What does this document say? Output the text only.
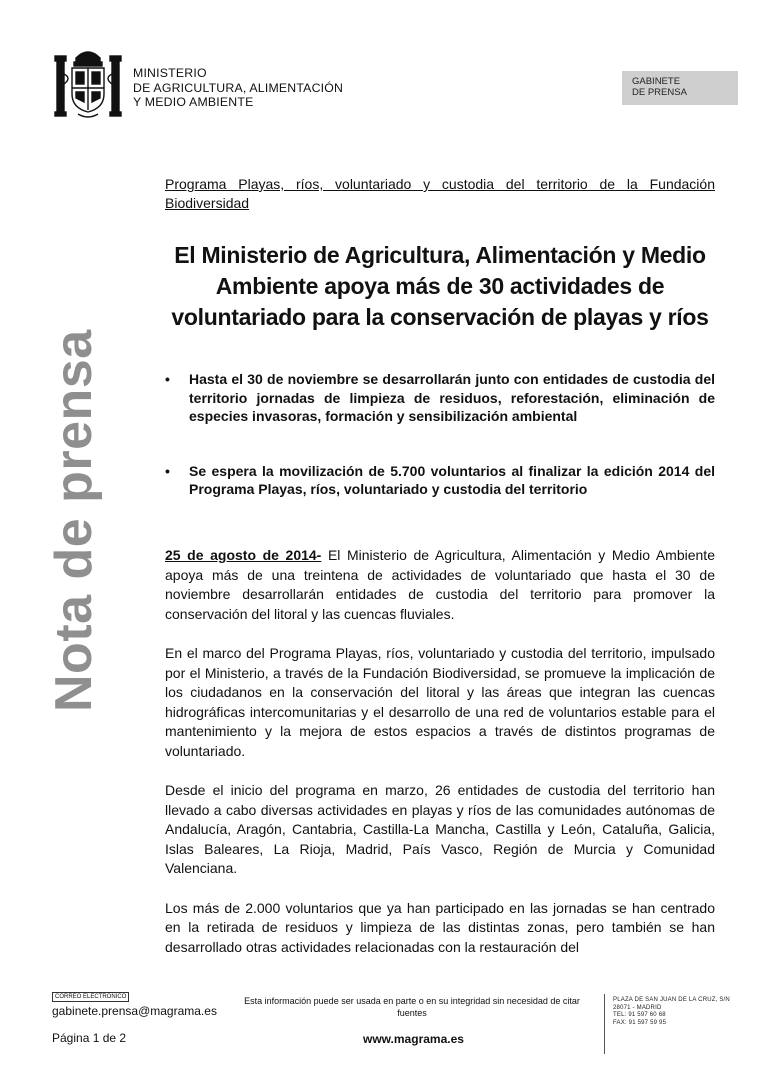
MINISTERIO
DE AGRICULTURA, ALIMENTACIÓN
Y MEDIO AMBIENTE
GABINETE
DE PRENSA
Nota de prensa
Programa Playas, ríos, voluntariado y custodia del territorio de la Fundación Biodiversidad
El Ministerio de Agricultura, Alimentación y Medio Ambiente apoya más de 30 actividades de voluntariado para la conservación de playas y ríos
• Hasta el 30 de noviembre se desarrollarán junto con entidades de custodia del territorio jornadas de limpieza de residuos, reforestación, eliminación de especies invasoras, formación y sensibilización ambiental
• Se espera la movilización de 5.700 voluntarios al finalizar la edición 2014 del Programa Playas, ríos, voluntariado y custodia del territorio

25 de agosto de 2014- El Ministerio de Agricultura, Alimentación y Medio Ambiente apoya más de una treintena de actividades de voluntariado que hasta el 30 de noviembre desarrollarán entidades de custodia del territorio para promover la conservación del litoral y las cuencas fluviales.

En el marco del Programa Playas, ríos, voluntariado y custodia del territorio, impulsado por el Ministerio, a través de la Fundación Biodiversidad, se promueve la implicación de los ciudadanos en la conservación del litoral y las áreas que integran las cuencas hidrográficas intercomunitarias y el desarrollo de una red de voluntarios estable para el mantenimiento y la mejora de estos espacios a través de distintos programas de voluntariado.

Desde el inicio del programa en marzo, 26 entidades de custodia del territorio han llevado a cabo diversas actividades en playas y ríos de las comunidades autónomas de Andalucía, Aragón, Cantabria, Castilla-La Mancha, Castilla y León, Cataluña, Galicia, Islas Baleares, La Rioja, Madrid, País Vasco, Región de Murcia y Comunidad Valenciana.

Los más de 2.000 voluntarios que ya han participado en las jornadas se han centrado en la retirada de residuos y limpieza de las distintas zonas, pero también se han desarrollado otras actividades relacionadas con la restauración del

CORREO ELECTRÓNICO
gabinete.prensa@magrama.es
Esta información puede ser usada en parte o en su integridad sin necesidad de citar fuentes
PLAZA DE SAN JUAN DE LA CRUZ, S/N
28071 - MADRID
TEL: 91 597 60 68
FAX: 91 597 59 95
Página 1 de 2	www.magrama.es
